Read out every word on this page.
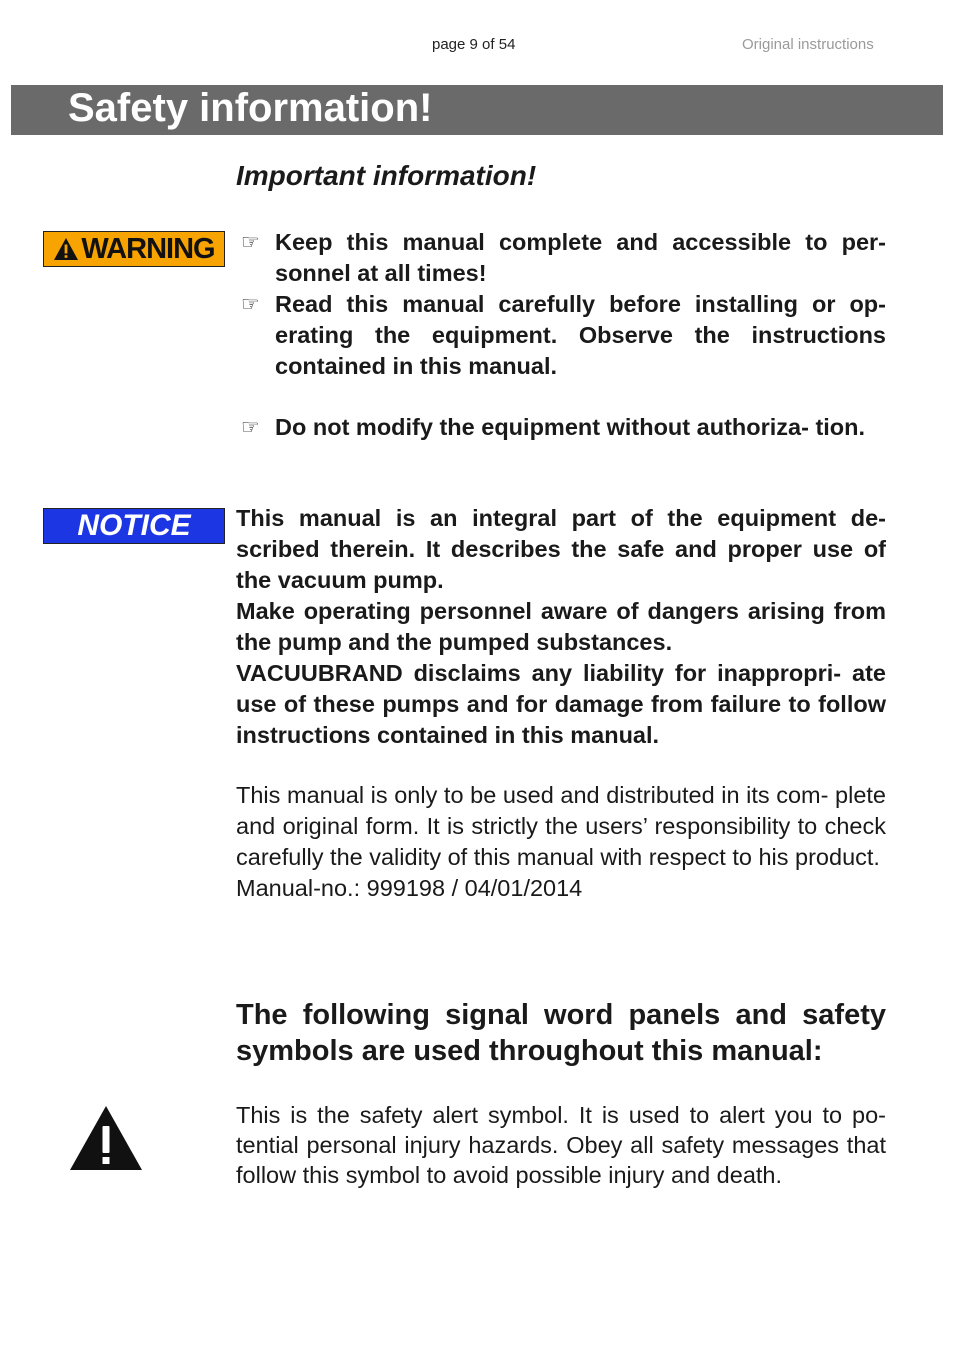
page 9 of 54	Original instructions
Safety information!
Important information!
WARNING ☞ Keep this manual complete and accessible to per- sonnel at all times!
☞ Read this manual carefully before installing or op- erating the equipment. Observe the instructions contained in this manual.
☞ Do not modify the equipment without authoriza- tion.
NOTICE This manual is an integral part of the equipment de- scribed therein. It describes the safe and proper use of the vacuum pump.
Make operating personnel aware of dangers arising from the pump and the pumped substances.
VACUUBRAND disclaims any liability for inappropri- ate use of these pumps and for damage from failure to follow instructions contained in this manual.

This manual is only to be used and distributed in its com- plete and original form. It is strictly the users’ responsibility to check carefully the validity of this manual with respect to his product.
Manual-no.: 999198 / 04/01/2014

The following signal word panels and safety symbols are used throughout this manual:

This is the safety alert symbol. It is used to alert you to po- tential personal injury hazards. Obey all safety messages that follow this symbol to avoid possible injury and death.
